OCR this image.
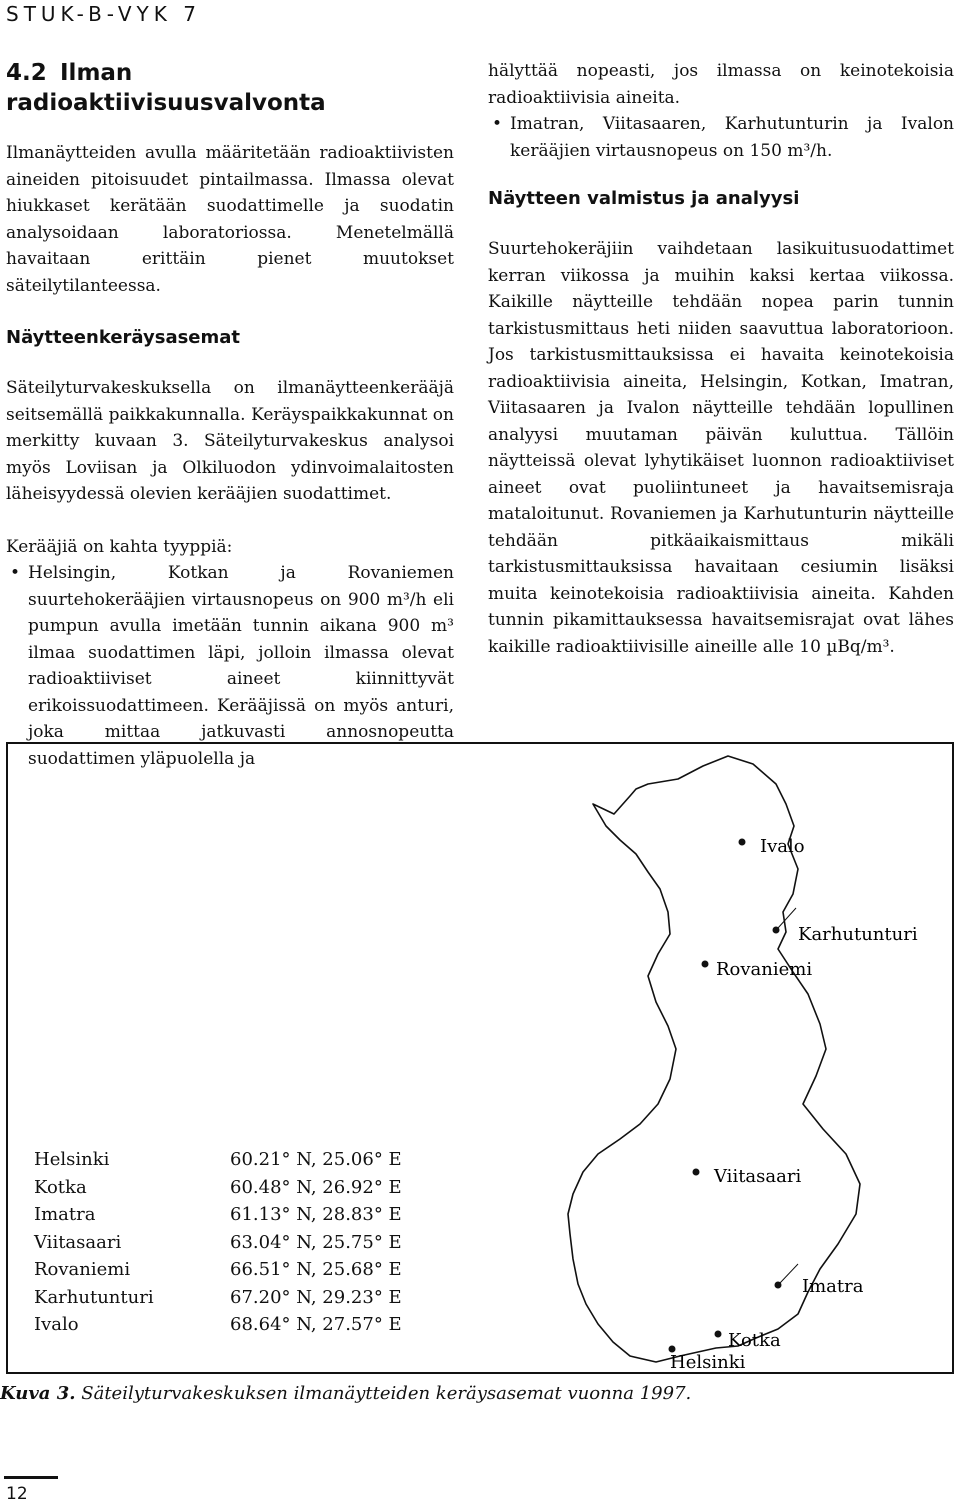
STUK-B-VYK 7
4.2 Ilman radioaktiivisuusvalvonta

Ilmanäytteiden avulla määritetään radioaktiivisten aineiden pitoisuudet pintailmassa. Ilmassa olevat hiukkaset kerätään suodattimelle ja suodatin analysoidaan laboratoriossa. Menetelmällä havaitaan erittäin pienet muutokset säteilytilanteessa.

Näytteenkeräysasemat

Säteilyturvakeskuksella on ilmanäytteenkerääjä seitsemällä paikkakunnalla. Keräyspaikkakunnat on merkitty kuvaan 3. Säteilyturvakeskus analysoi myös Loviisan ja Olkiluodon ydinvoimalaitosten läheisyydessä olevien kerääjien suodattimet.

Kerääjiä on kahta tyyppiä:

• Helsingin, Kotkan ja Rovaniemen suurtehokerääjien virtausnopeus on 900 m³/h eli pumpun avulla imetään tunnin aikana 900 m³ ilmaa suodattimen läpi, jolloin ilmassa olevat radioaktiiviset aineet kiinnittyvät erikoissuodattimeen. Kerääjissä on myös anturi, joka mittaa jatkuvasti annosnopeutta suodattimen yläpuolella ja
hälyttää nopeasti, jos ilmassa on keinotekoisia radioaktiivisia aineita.
• Imatran, Viitasaaren, Karhutunturin ja Ivalon kerääjien virtausnopeus on 150 m³/h.
Näytteen valmistus ja analyysi

Suurtehokeräjiin vaihdetaan lasikuitusuodattimet kerran viikossa ja muihin kaksi kertaa viikossa. Kaikille näytteille tehdään nopea parin tunnin tarkistusmittaus heti niiden saavuttua laboratorioon. Jos tarkistusmittauksissa ei havaita keinotekoisia radioaktiivisia aineita, Helsingin, Kotkan, Imatran, Viitasaaren ja Ivalon näytteille tehdään lopullinen analyysi muutaman päivän kuluttua. Tällöin näytteissä olevat lyhytikäiset luonnon radioaktiiviset aineet ovat puoliintuneet ja havaitsemisraja mataloitunut. Rovaniemen ja Karhutunturin näytteille tehdään pitkäaikaismittaus mikäli tarkistusmittauksissa havaitaan cesiumin lisäksi muita keinotekoisia radioaktiivisia aineita. Kahden tunnin pikamittauksessa havaitsemisrajat ovat lähes kaikille radioaktiivisille aineille alle 10 µBq/m³.

Ivalo
Karhutunturi
Rovaniemi
Viitasaari
Imatra
Kotka
Helsinki
Helsinki	60.21° N, 25.06° E
Kotka	60.48° N, 26.92° E
Imatra	61.13° N, 28.83° E
Viitasaari	63.04° N, 25.75° E
Rovaniemi	66.51° N, 25.68° E
Karhutunturi	67.20° N, 29.23° E
Ivalo	68.64° N, 27.57° E
Kuva 3. Säteilyturvakeskuksen ilmanäytteiden keräysasemat vuonna 1997.
12
